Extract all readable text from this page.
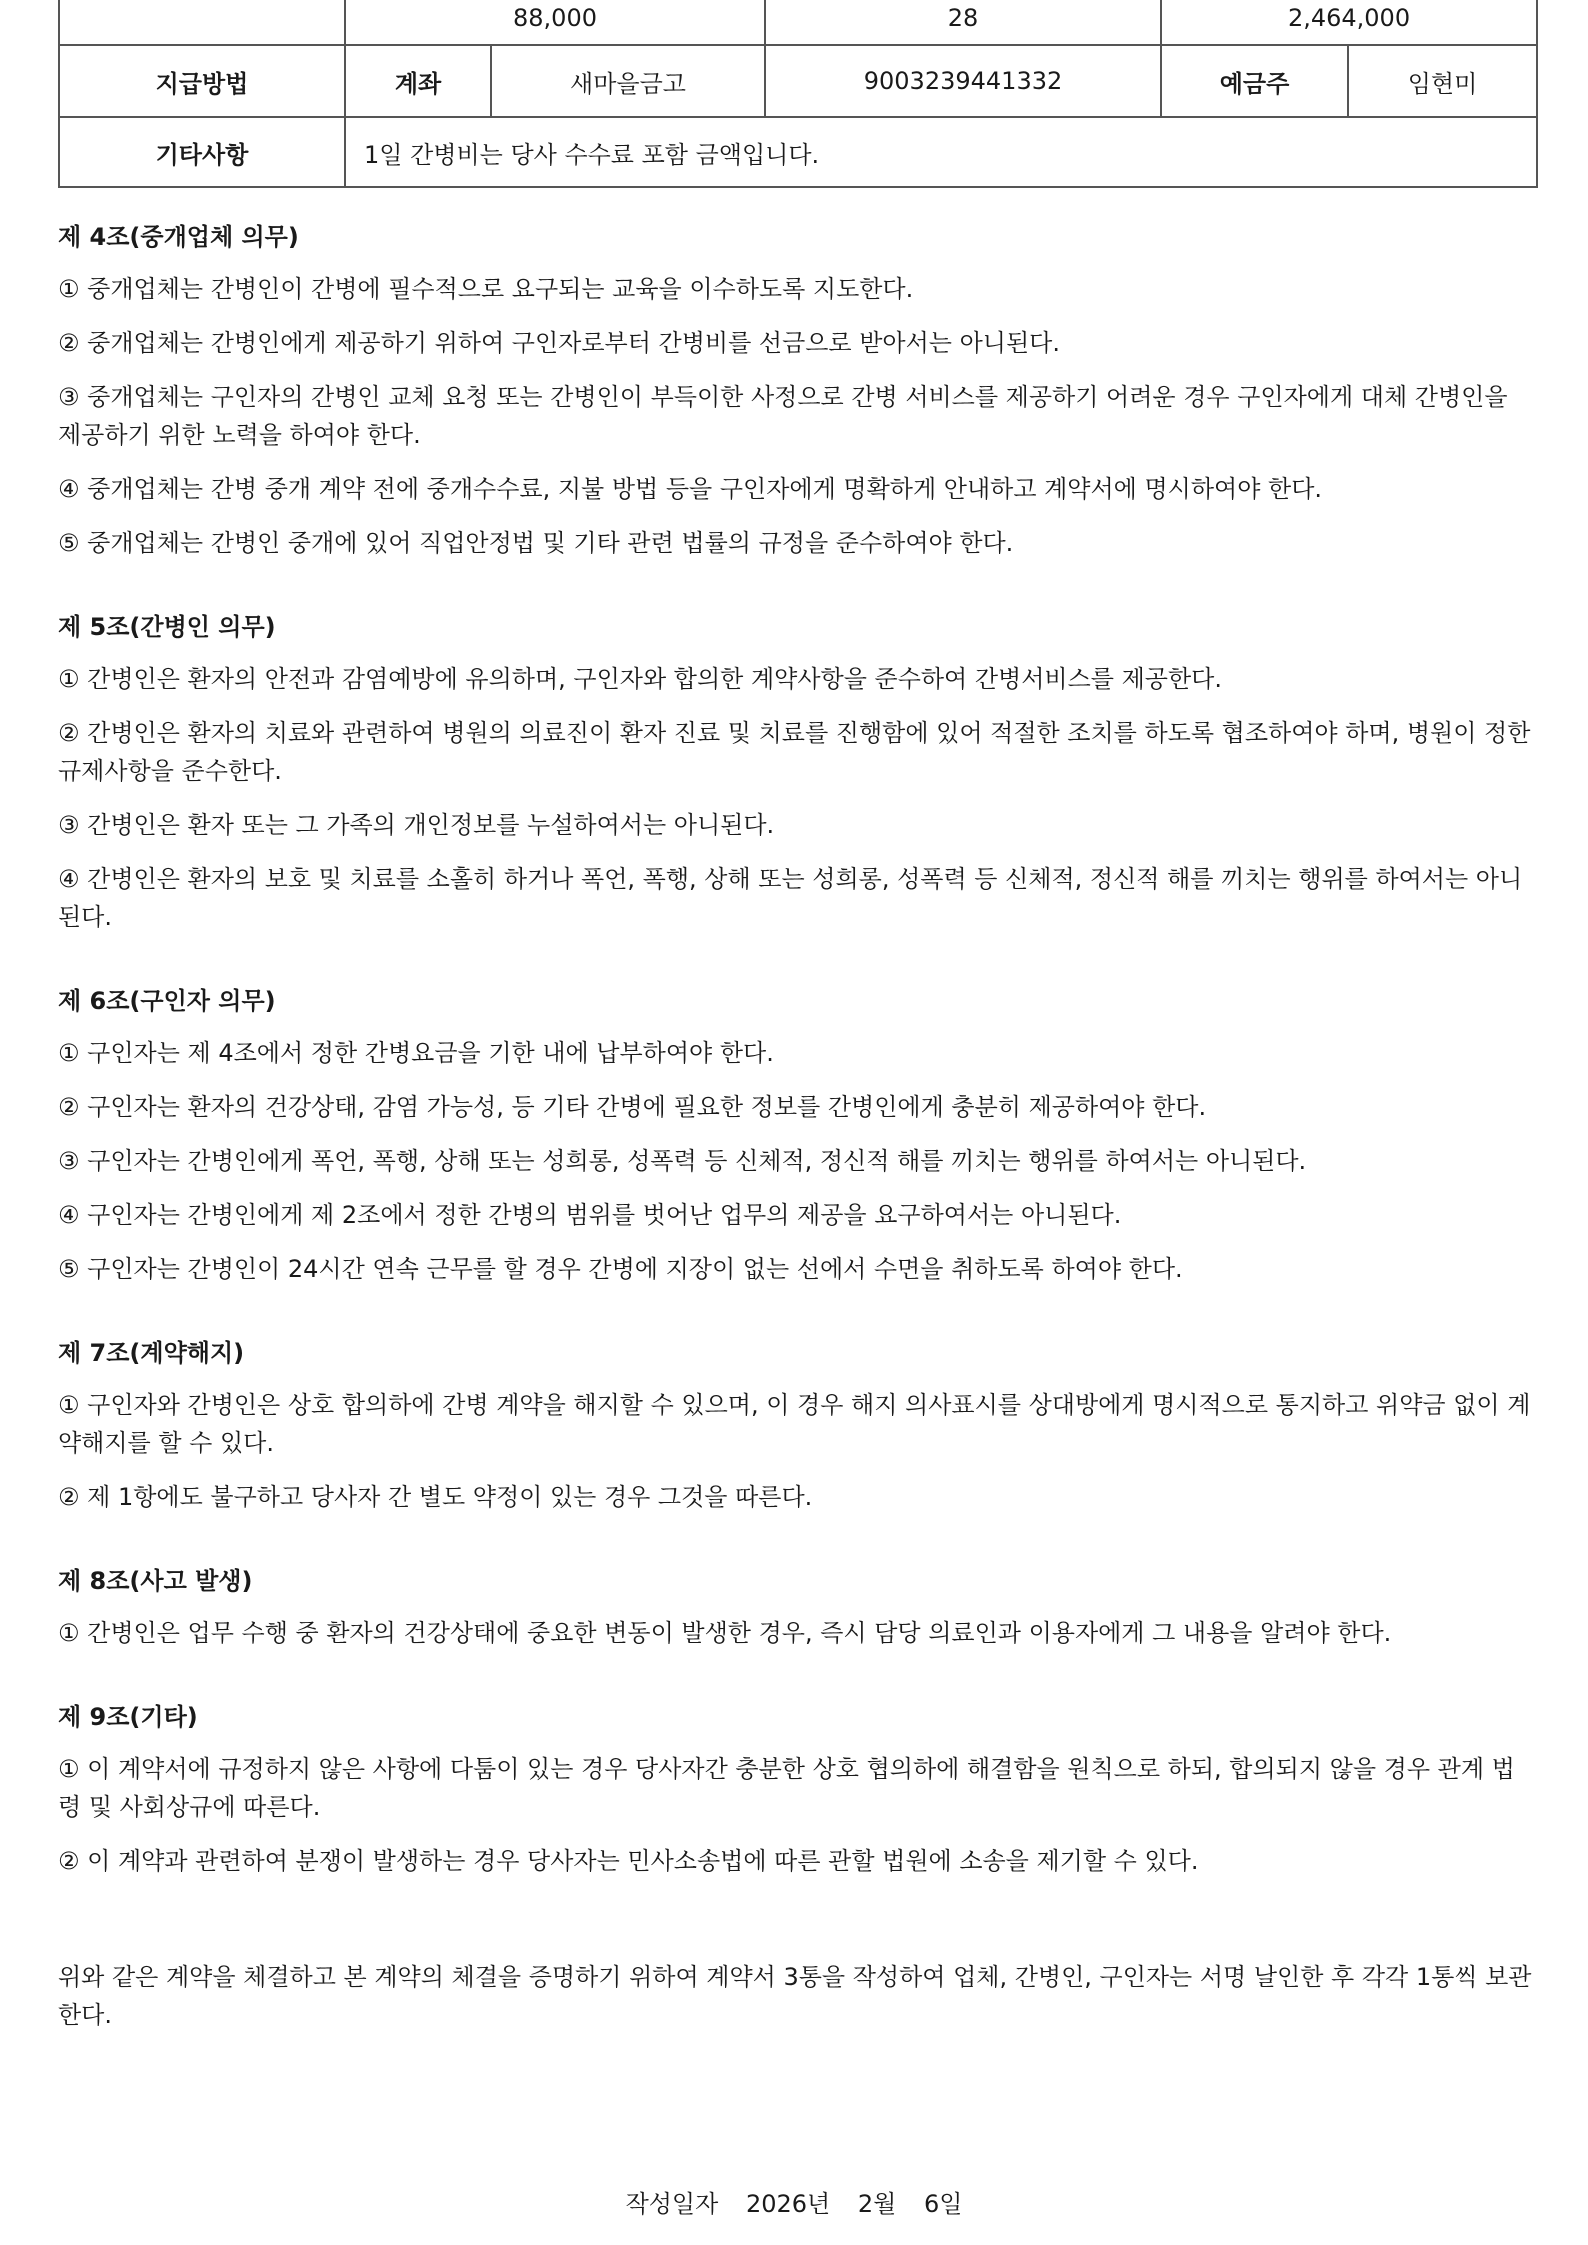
	88,000		28	2,464,000	
지급방법	계좌	새마을금고	9003239441332	예금주	임현미
기타사항	1일 간병비는 당사 수수료 포함 금액입니다.				
제 4조(중개업체 의무)

① 중개업체는 간병인이 간병에 필수적으로 요구되는 교육을 이수하도록 지도한다.

② 중개업체는 간병인에게 제공하기 위하여 구인자로부터 간병비를 선금으로 받아서는 아니된다.

③ 중개업체는 구인자의 간병인 교체 요청 또는 간병인이 부득이한 사정으로 간병 서비스를 제공하기 어려운 경우 구인자에게 대체 간병인을 제공하기 위한 노력을 하여야 한다.

④ 중개업체는 간병 중개 계약 전에 중개수수료, 지불 방법 등을 구인자에게 명확하게 안내하고 계약서에 명시하여야 한다.

⑤ 중개업체는 간병인 중개에 있어 직업안정법 및 기타 관련 법률의 규정을 준수하여야 한다.

제 5조(간병인 의무)

① 간병인은 환자의 안전과 감염예방에 유의하며, 구인자와 합의한 계약사항을 준수하여 간병서비스를 제공한다.

② 간병인은 환자의 치료와 관련하여 병원의 의료진이 환자 진료 및 치료를 진행함에 있어 적절한 조치를 하도록 협조하여야 하며, 병원이 정한 규제사항을 준수한다.

③ 간병인은 환자 또는 그 가족의 개인정보를 누설하여서는 아니된다.

④ 간병인은 환자의 보호 및 치료를 소홀히 하거나 폭언, 폭행, 상해 또는 성희롱, 성폭력 등 신체적, 정신적 해를 끼치는 행위를 하여서는 아니된다.

제 6조(구인자 의무)

① 구인자는 제 4조에서 정한 간병요금을 기한 내에 납부하여야 한다.

② 구인자는 환자의 건강상태, 감염 가능성, 등 기타 간병에 필요한 정보를 간병인에게 충분히 제공하여야 한다.

③ 구인자는 간병인에게 폭언, 폭행, 상해 또는 성희롱, 성폭력 등 신체적, 정신적 해를 끼치는 행위를 하여서는 아니된다.

④ 구인자는 간병인에게 제 2조에서 정한 간병의 범위를 벗어난 업무의 제공을 요구하여서는 아니된다.

⑤ 구인자는 간병인이 24시간 연속 근무를 할 경우 간병에 지장이 없는 선에서 수면을 취하도록 하여야 한다.

제 7조(계약해지)

① 구인자와 간병인은 상호 합의하에 간병 계약을 해지할 수 있으며, 이 경우 해지 의사표시를 상대방에게 명시적으로 통지하고 위약금 없이 계약해지를 할 수 있다.

② 제 1항에도 불구하고 당사자 간 별도 약정이 있는 경우 그것을 따른다.

제 8조(사고 발생)

① 간병인은 업무 수행 중 환자의 건강상태에 중요한 변동이 발생한 경우, 즉시 담당 의료인과 이용자에게 그 내용을 알려야 한다.

제 9조(기타)

① 이 계약서에 규정하지 않은 사항에 다툼이 있는 경우 당사자간 충분한 상호 협의하에 해결함을 원칙으로 하되, 합의되지 않을 경우 관계 법령 및 사회상규에 따른다.

② 이 계약과 관련하여 분쟁이 발생하는 경우 당사자는 민사소송법에 따른 관할 법원에 소송을 제기할 수 있다.

위와 같은 계약을 체결하고 본 계약의 체결을 증명하기 위하여 계약서 3통을 작성하여 업체, 간병인, 구인자는 서명 날인한 후 각각 1통씩 보관한다.

작성일자 2026년 2월 6일
